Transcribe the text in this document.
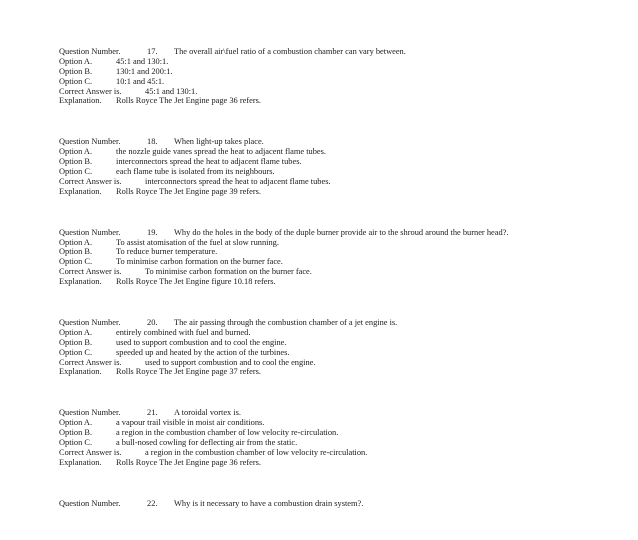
Question Number.	17. The overall air\fuel ratio of a combustion chamber can vary between.
Option A.	45:1 and 130:1.
Option B.	130:1 and 200:1.
Option C.	10:1 and 45:1.
Correct Answer is.	45:1 and 130:1.
Explanation. Rolls Royce The Jet Engine page 36 refers.
Question Number.	18. When light-up takes place.
Option A.	the nozzle guide vanes spread the heat to adjacent flame tubes.
Option B.	interconnectors spread the heat to adjacent flame tubes.
Option C.	each flame tube is isolated from its neighbours.
Correct Answer is.	interconnectors spread the heat to adjacent flame tubes.
Explanation. Rolls Royce The Jet Engine page 39 refers.
Question Number.	19. Why do the holes in the body of the duple burner provide air to the shroud around the burner head?.
Option A.	To assist atomisation of the fuel at slow running.
Option B.	To reduce burner temperature.
Option C.	To minimise carbon formation on the burner face.
Correct Answer is.	To minimise carbon formation on the burner face.
Explanation. Rolls Royce The Jet Engine figure 10.18 refers.
Question Number.	20. The air passing through the combustion chamber of a jet engine is.
Option A.	entirely combined with fuel and burned.
Option B.	used to support combustion and to cool the engine.
Option C.	speeded up and heated by the action of the turbines.
Correct Answer is.	used to support combustion and to cool the engine.
Explanation. Rolls Royce The Jet Engine page 37 refers.
Question Number.	21. A toroidal vortex is.
Option A.	a vapour trail visible in moist air conditions.
Option B.	a region in the combustion chamber of low velocity re-circulation.
Option C.	a bull-nosed cowling for deflecting air from the static.
Correct Answer is.	a region in the combustion chamber of low velocity re-circulation.
Explanation. Rolls Royce The Jet Engine page 36 refers.
Question Number.	22. Why is it necessary to have a combustion drain system?.
